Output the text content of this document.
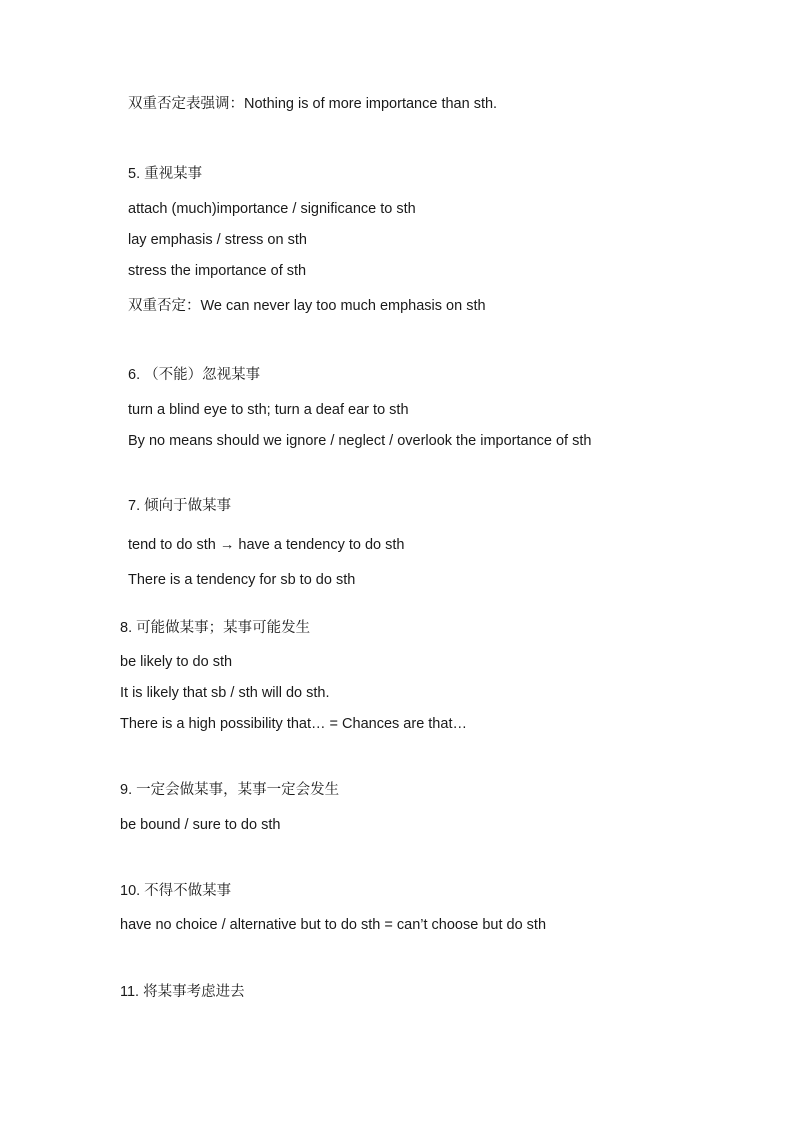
双重否定表强调：Nothing is of more importance than sth.
5. 重视某事
attach (much)importance / significance to sth
lay emphasis / stress on sth
stress the importance of sth
双重否定：We can never lay too much emphasis on sth
6. （不能）忽视某事
turn a blind eye to sth; turn a deaf ear to sth
By no means should we ignore / neglect / overlook the importance of sth
7. 倾向于做某事
tend to do sth → have a tendency to do sth
There is a tendency for sb to do sth
8. 可能做某事；某事可能发生
be likely to do sth
It is likely that sb / sth will do sth.
There is a high possibility that… = Chances are that…
9. 一定会做某事，某事一定会发生
be bound / sure to do sth
10. 不得不做某事
have no choice / alternative but to do sth = can’t choose but do sth
11. 将某事考虑进去
